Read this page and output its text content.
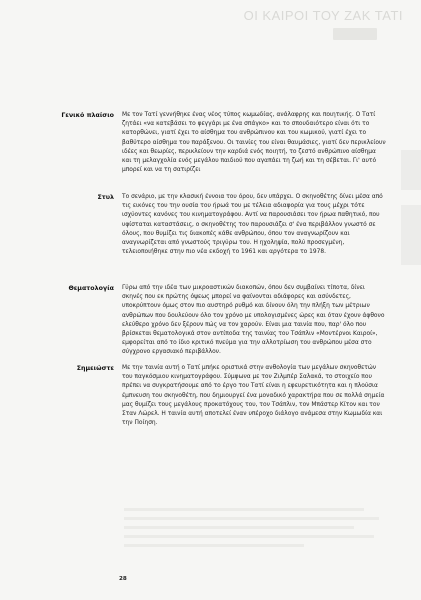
ΟΙ ΚΑΙΡΟΙ ΤΟΥ ΖΑΚ ΤΑΤΙ
Γενικό πλαίσιο	Με τον Τατί γεννήθηκε ένας νέος τύπος κωμωδίας, ανάλαφρης και ποιητικής. Ο Τατί ζητάει «να κατεβάσει το φεγγάρι με ένα σπάγκο» και το σπουδαιότερο είναι ότι το κατορθώνει, γιατί έχει το αίσθημα του ανθρώπινου και του κωμικού, γιατί έχει το βαθύτερο αίσθημα του παράξενου. Οι ταινίες του είναι θαυμάσιες, γιατί δεν περικλείουν ιδέες και θεωρίες, περικλείουν την καρδιά ενός ποιητή, το ζεστό ανθρώπινο αίσθημα και τη μελαγχολία ενός μεγάλου παιδιού που αγαπάει τη ζωή και τη σέβεται. Γι' αυτό μπορεί και να τη σατιρίζει
Στυλ	Το σενάριο, με την κλασική έννοια του όρου, δεν υπάρχει. Ο σκηνοθέτης δίνει μέσα από τις εικόνες του την ουσία του ήρωά του με τέλεια αδιαφορία για τους μέχρι τότε ισχύοντες κανόνες του κινηματογράφου. Αντί να παρουσιάσει τον ήρωα παθητικό, που υφίσταται καταστάσεις, ο σκηνοθέτης τον παρουσιάζει σ' ένα περιβάλλον γνωστό σε όλους, που θυμίζει τις διακοπές κάθε ανθρώπου, όπου τον αναγνωρίζουν και αναγνωρίζεται από γνωστούς τριγύρω του. Η ηχοληψία, πολύ προσεγμένη, τελειοποιήθηκε στην πιο νέα εκδοχή το 1961 και αργότερα το 1978.
Θεματολογία	Γύρω από την ιδέα των μικροαστικών διακοπών, όπου δεν συμβαίνει τίποτα, δίνει σκηνές που εκ πρώτης όψεως μπορεί να φαίνονται αδιάφορες και ασύνδετες, υποκρύπτουν όμως στον πιο αυστηρό ρυθμό και δίνουν όλη την πλήξη των μέτριων ανθρώπων που δουλεύουν όλο τον χρόνο με υπολογισμένες ώρες και όταν έχουν άφθονο ελεύθερο χρόνο δεν ξέρουν πώς να τον χαρούν. Είναι μια ταινία που, παρ' όλο που βρίσκεται θεματολογικά στον αντίποδα της ταινίας του Τσάπλιν «Μοντέρνοι Καιροί», εμφορείται από το ίδιο κριτικό πνεύμα για την αλλοτρίωση του ανθρώπου μέσα στο σύγχρονο εργασιακό περιβάλλον.
Σημειώστε	Με την ταινία αυτή ο Τατί μπήκε οριστικά στην ανθολογία των μεγάλων σκηνοθετών του παγκόσμιου κινηματογράφου. Σύμφωνα με τον Ζιλμπέρ Σαλακά, το στοιχείο που πρέπει να συγκρατήσουμε από το έργο του Τατί είναι η εφευρετικότητα και η πλούσια έμπνευση του σκηνοθέτη, που δημιουργεί ένα μοναδικό χαρακτήρα που σε πολλά σημεία μας θυμίζει τους μεγάλους προκατόχους του, τον Τσάπλιν, τον Μπάστερ Κίτον και τον Σταν Λώρελ. Η ταινία αυτή αποτελεί έναν υπέροχο διάλογο ανάμεσα στην Κωμωδία και την Ποίηση.
28
